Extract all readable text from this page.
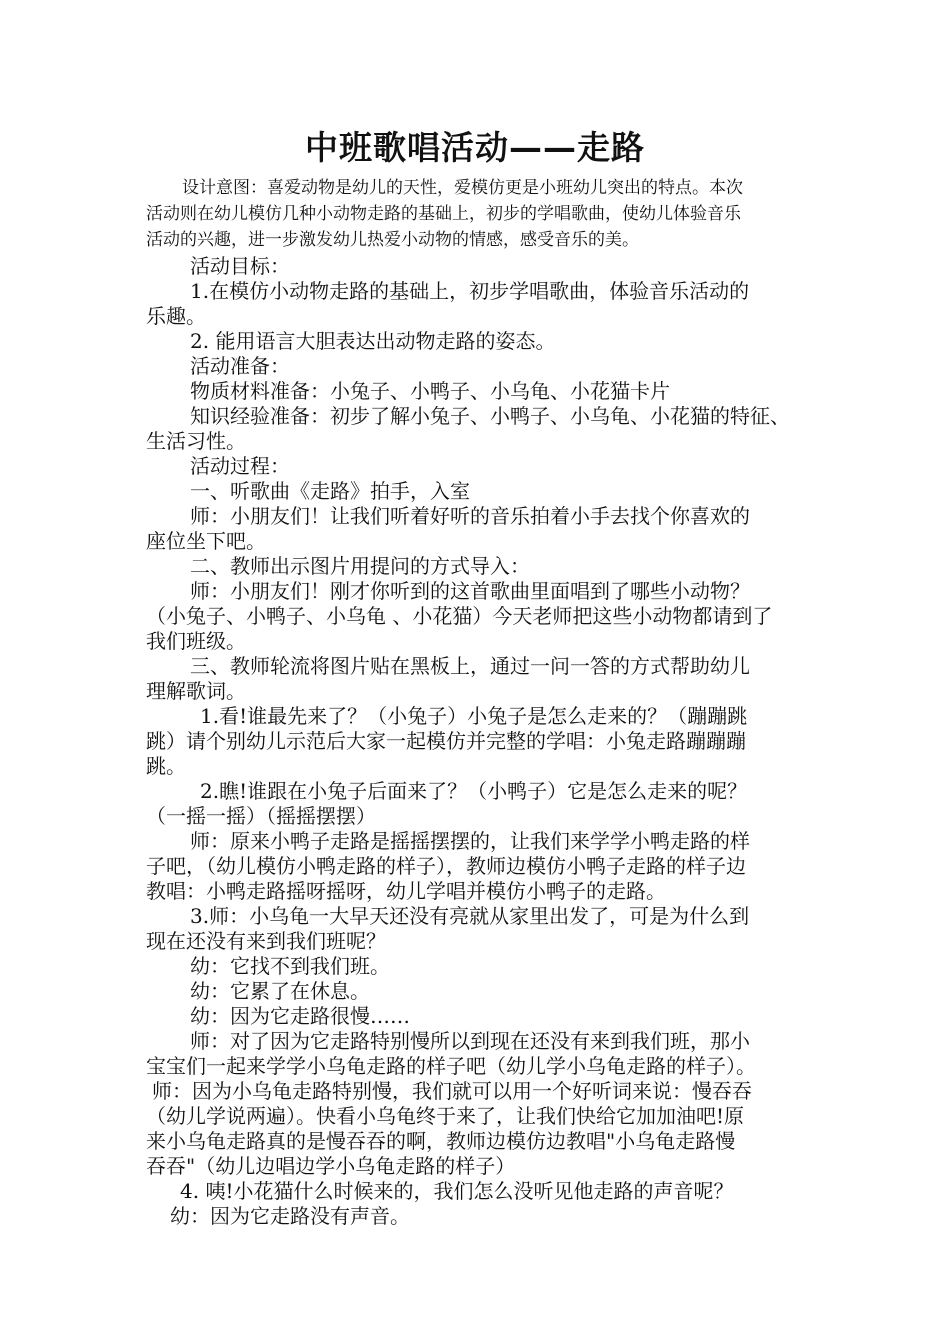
中班歌唱活动——走路
设计意图：喜爱动物是幼儿的天性，爱模仿更是小班幼儿突出的特点。本次
活动则在幼儿模仿几种小动物走路的基础上，初步的学唱歌曲，使幼儿体验音乐
活动的兴趣，进一步激发幼儿热爱小动物的情感，感受音乐的美。
活动目标：
1.在模仿小动物走路的基础上，初步学唱歌曲，体验音乐活动的
乐趣。
2. 能用语言大胆表达出动物走路的姿态。
活动准备：
物质材料准备：小兔子、小鸭子、小乌龟、小花猫卡片
知识经验准备：初步了解小兔子、小鸭子、小乌龟、小花猫的特征、
生活习性。
活动过程：
一、听歌曲《走路》拍手，入室
师：小朋友们！让我们听着好听的音乐拍着小手去找个你喜欢的
座位坐下吧。
二、教师出示图片用提问的方式导入：
师：小朋友们！刚才你听到的这首歌曲里面唱到了哪些小动物？
（小兔子、小鸭子、小乌龟 、小花猫）今天老师把这些小动物都请到了
我们班级。
三、教师轮流将图片贴在黑板上，通过一问一答的方式帮助幼儿
理解歌词。
1.看!谁最先来了？（小兔子）小兔子是怎么走来的？（蹦蹦跳
跳）请个别幼儿示范后大家一起模仿并完整的学唱：小兔走路蹦蹦蹦
跳。
2.瞧!谁跟在小兔子后面来了？（小鸭子）它是怎么走来的呢？
（一摇一摇）（摇摇摆摆）
师：原来小鸭子走路是摇摇摆摆的，让我们来学学小鸭走路的样
子吧，（幼儿模仿小鸭走路的样子），教师边模仿小鸭子走路的样子边
教唱：小鸭走路摇呀摇呀，幼儿学唱并模仿小鸭子的走路。
3.师：小乌龟一大早天还没有亮就从家里出发了，可是为什么到
现在还没有来到我们班呢？
幼：它找不到我们班。
幼：它累了在休息。
幼：因为它走路很慢……
师：对了因为它走路特别慢所以到现在还没有来到我们班，那小
宝宝们一起来学学小乌龟走路的样子吧（幼儿学小乌龟走路的样子）。
师：因为小乌龟走路特别慢，我们就可以用一个好听词来说：慢吞吞
（幼儿学说两遍）。快看小乌龟终于来了，让我们快给它加加油吧!原
来小乌龟走路真的是慢吞吞的啊，教师边模仿边教唱"小乌龟走路慢
吞吞"（幼儿边唱边学小乌龟走路的样子）
4. 咦!小花猫什么时候来的，我们怎么没听见他走路的声音呢？
幼：因为它走路没有声音。
